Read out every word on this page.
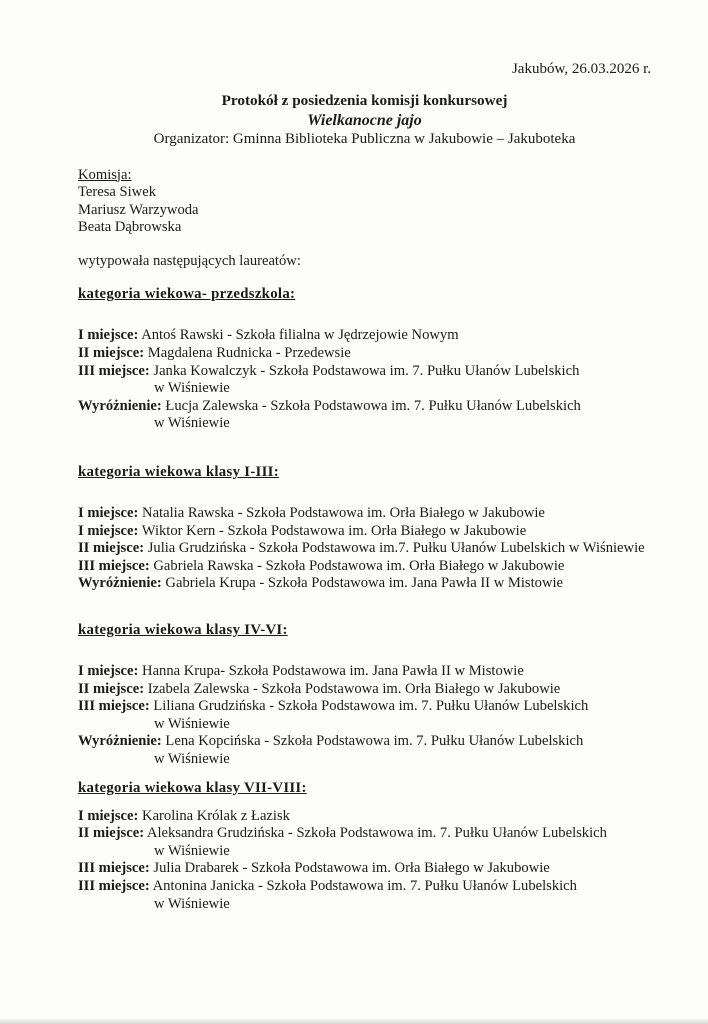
Jakubów, 26.03.2026 r.
Protokół z posiedzenia komisji konkursowej
Wielkanocne jajo
Organizator: Gminna Biblioteka Publiczna w Jakubowie – Jakuboteka
Komisja:
Teresa Siwek
Mariusz Warzywoda
Beata Dąbrowska
wytypowała następujących laureatów:
kategoria wiekowa- przedszkola:
I miejsce: Antoś Rawski - Szkoła filialna w Jędrzejowie Nowym
II miejsce: Magdalena Rudnicka - Przedewsie
III miejsce: Janka Kowalczyk - Szkoła Podstawowa im. 7. Pułku Ułanów Lubelskich
w Wiśniewie
Wyróżnienie: Łucja Zalewska - Szkoła Podstawowa im. 7. Pułku Ułanów Lubelskich
w Wiśniewie
kategoria wiekowa klasy I-III:
I miejsce: Natalia Rawska - Szkoła Podstawowa im. Orła Białego w Jakubowie
I miejsce: Wiktor Kern - Szkoła Podstawowa im. Orła Białego w Jakubowie
II miejsce: Julia Grudzińska - Szkoła Podstawowa im.7. Pułku Ułanów Lubelskich w Wiśniewie
III miejsce: Gabriela Rawska - Szkoła Podstawowa im. Orła Białego w Jakubowie
Wyróżnienie: Gabriela Krupa - Szkoła Podstawowa im. Jana Pawła II w Mistowie
kategoria wiekowa klasy IV-VI:
I miejsce: Hanna Krupa- Szkoła Podstawowa im. Jana Pawła II w Mistowie
II miejsce: Izabela Zalewska - Szkoła Podstawowa im. Orła Białego w Jakubowie
III miejsce: Liliana Grudzińska - Szkoła Podstawowa im. 7. Pułku Ułanów Lubelskich
w Wiśniewie
Wyróżnienie: Lena Kopcińska - Szkoła Podstawowa im. 7. Pułku Ułanów Lubelskich
w Wiśniewie
kategoria wiekowa klasy VII-VIII:
I miejsce: Karolina Królak z Łazisk
II miejsce: Aleksandra Grudzińska - Szkoła Podstawowa im. 7. Pułku Ułanów Lubelskich
w Wiśniewie
III miejsce: Julia Drabarek - Szkoła Podstawowa im. Orła Białego w Jakubowie
III miejsce: Antonina Janicka - Szkoła Podstawowa im. 7. Pułku Ułanów Lubelskich
w Wiśniewie
